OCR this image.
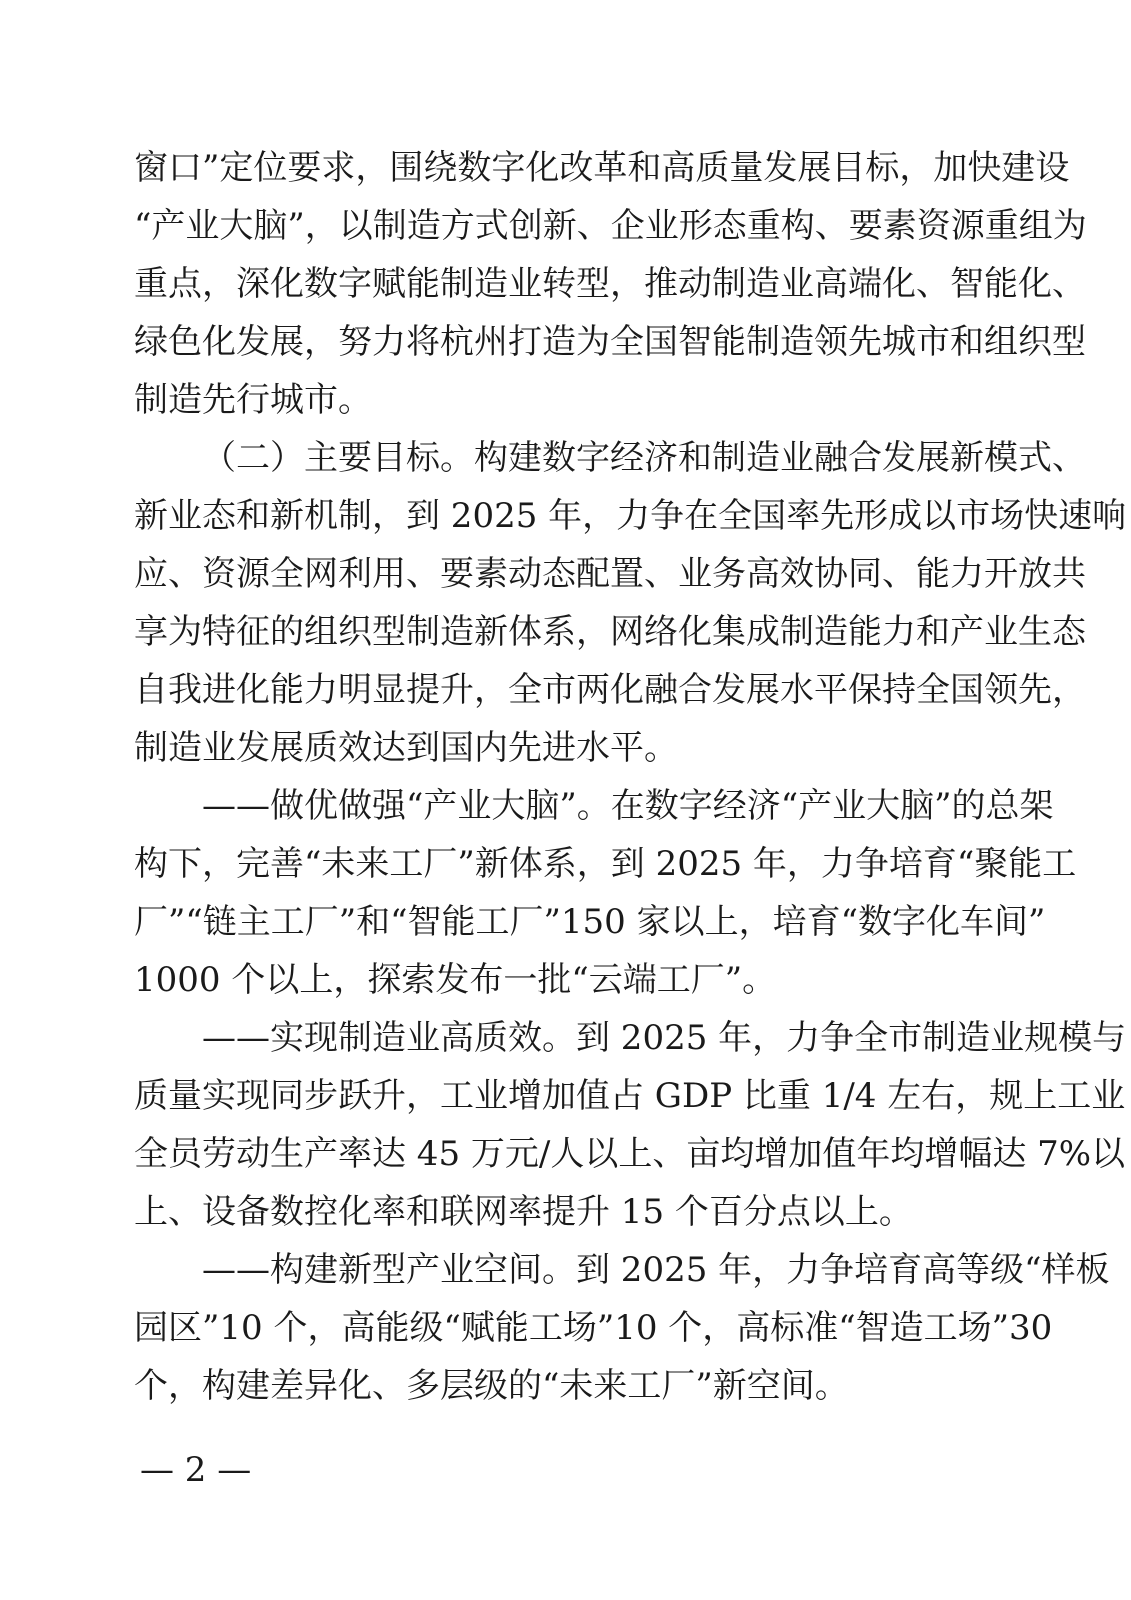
窗口”定位要求，围绕数字化改革和高质量发展目标，加快建设
“产业大脑”，以制造方式创新、企业形态重构、要素资源重组为
重点，深化数字赋能制造业转型，推动制造业高端化、智能化、
绿色化发展，努力将杭州打造为全国智能制造领先城市和组织型
制造先行城市。
（二）主要目标。构建数字经济和制造业融合发展新模式、
新业态和新机制，到 2025 年，力争在全国率先形成以市场快速响
应、资源全网利用、要素动态配置、业务高效协同、能力开放共
享为特征的组织型制造新体系，网络化集成制造能力和产业生态
自我进化能力明显提升，全市两化融合发展水平保持全国领先，
制造业发展质效达到国内先进水平。
——做优做强“产业大脑”。在数字经济“产业大脑”的总架
构下，完善“未来工厂”新体系，到 2025 年，力争培育“聚能工
厂”“链主工厂”和“智能工厂”150 家以上，培育“数字化车间”
1000 个以上，探索发布一批“云端工厂”。
——实现制造业高质效。到 2025 年，力争全市制造业规模与
质量实现同步跃升，工业增加值占 GDP 比重 1/4 左右，规上工业
全员劳动生产率达 45 万元/人以上、亩均增加值年均增幅达 7%以
上、设备数控化率和联网率提升 15 个百分点以上。
——构建新型产业空间。到 2025 年，力争培育高等级“样板
园区”10 个，高能级“赋能工场”10 个，高标准“智造工场”30
个，构建差异化、多层级的“未来工厂”新空间。
— 2 —
